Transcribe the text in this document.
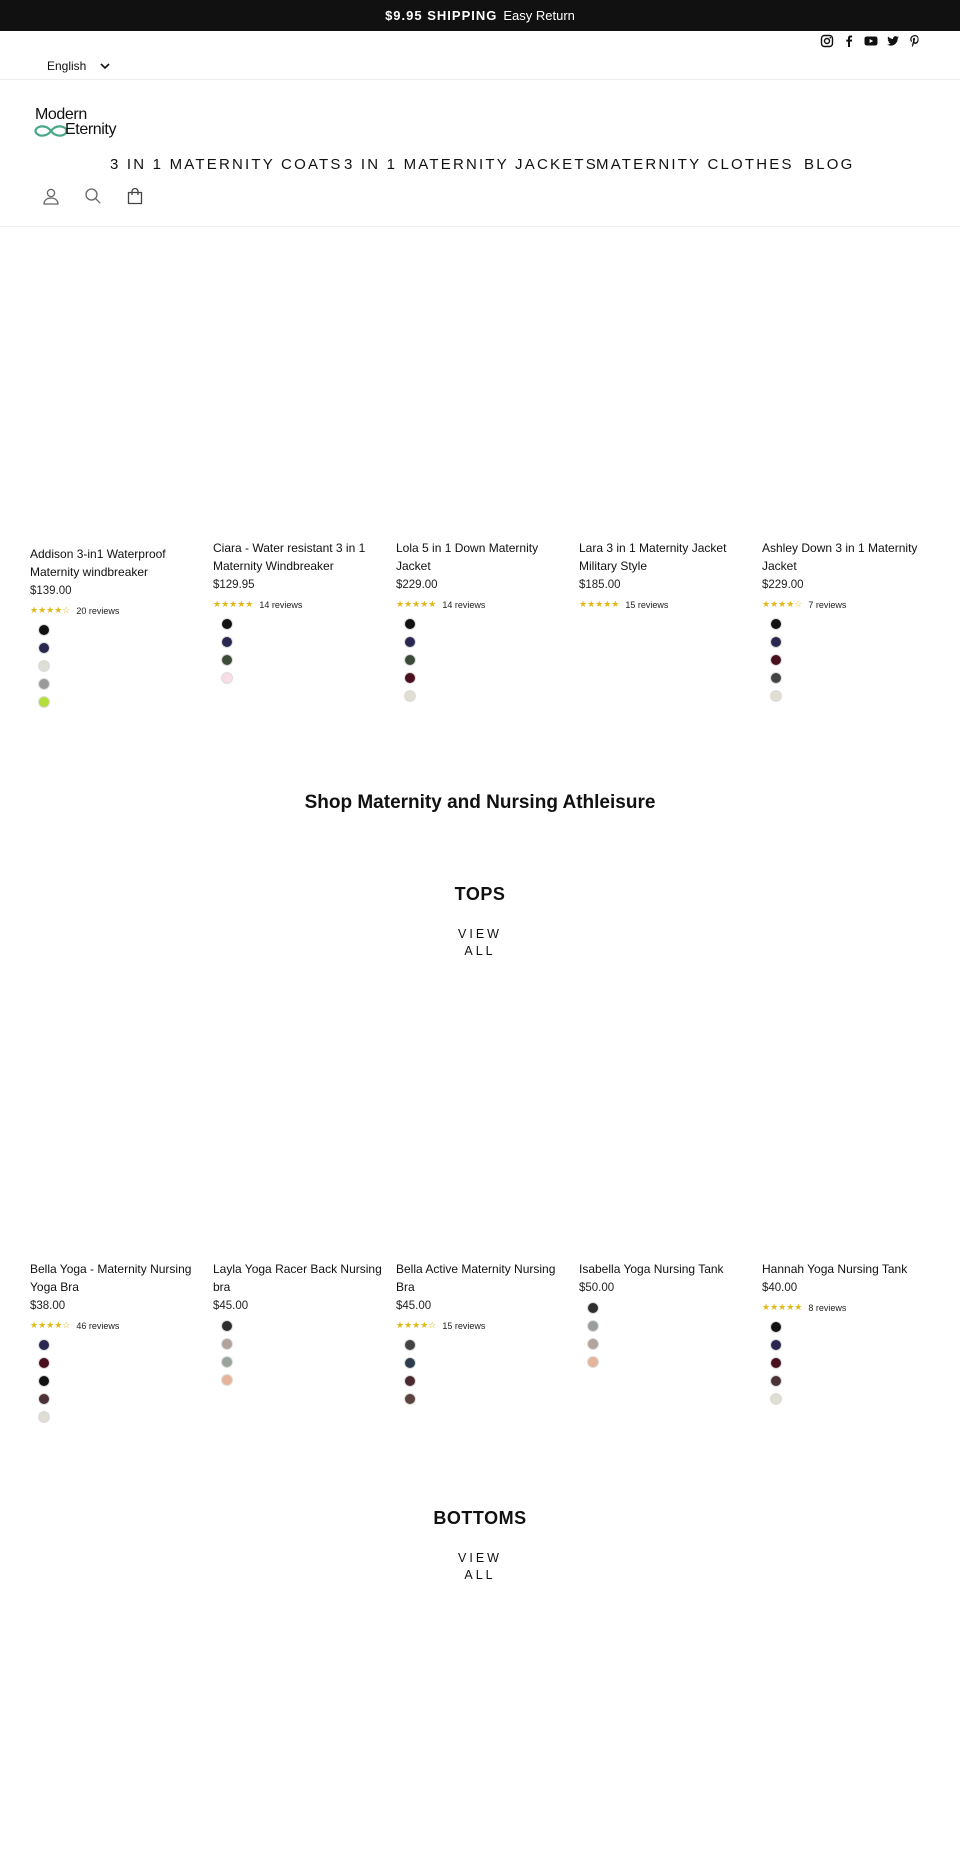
$9.95 SHIPPING Easy Return
English
Modern
Eternity
3 IN 1 MATERNITY COATS 3 IN 1 MATERNITY JACKETS
MATERNITY CLOTHES BLOG
Addison 3-in1 Waterproof Maternity windbreaker
$139.00
★★★★☆ 20 reviews
Ciara - Water resistant 3 in 1 Maternity Windbreaker
$129.95
★★★★★ 14 reviews
Lola 5 in 1 Down Maternity Jacket
$229.00
★★★★★ 14 reviews
Lara 3 in 1 Maternity Jacket Military Style
$185.00
★★★★★ 15 reviews
Ashley Down 3 in 1 Maternity Jacket
$229.00
★★★★☆ 7 reviews
Shop Maternity and Nursing Athleisure
TOPS
VIEW
ALL
Bella Yoga - Maternity Nursing Yoga Bra
$38.00
★★★★☆ 46 reviews
Layla Yoga Racer Back Nursing bra
$45.00
Bella Active Maternity Nursing Bra
$45.00
★★★★☆ 15 reviews
Isabella Yoga Nursing Tank
$50.00
Hannah Yoga Nursing Tank
$40.00
★★★★★ 8 reviews
BOTTOMS
VIEW
ALL
